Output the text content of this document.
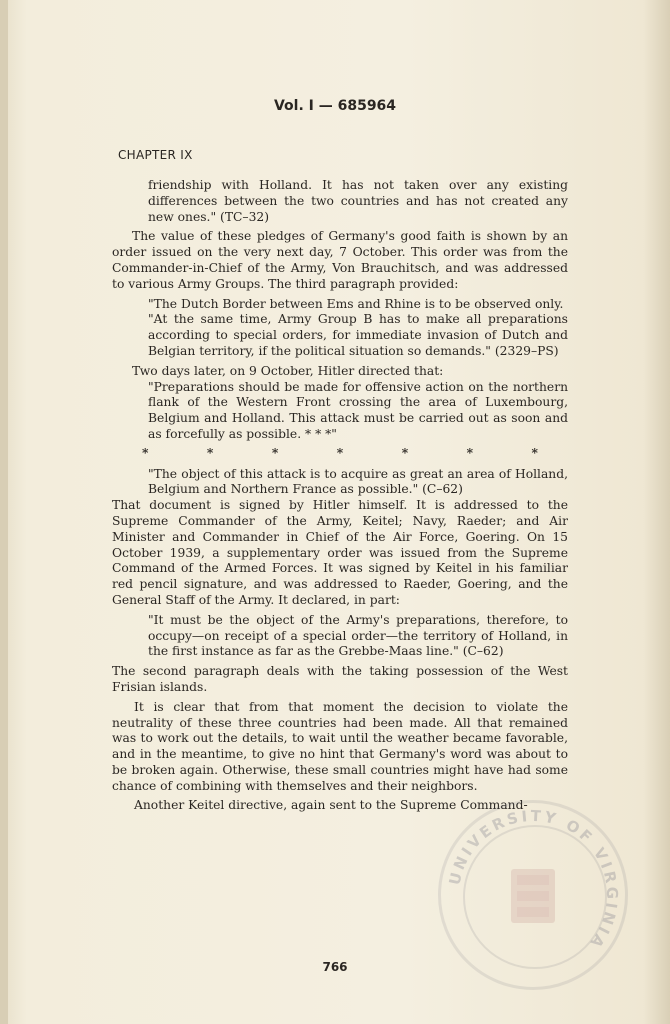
Vol. I — 685964
CHAPTER IX

friendship with Holland. It has not taken over any existing differences between the two countries and has not created any new ones." (TC–32)

The value of these pledges of Germany's good faith is shown by an order issued on the very next day, 7 October. This order was from the Commander-in-Chief of the Army, Von Brauchitsch, and was addressed to various Army Groups. The third paragraph provided:

"The Dutch Border between Ems and Rhine is to be observed only.

"At the same time, Army Group B has to make all preparations according to special orders, for immediate invasion of Dutch and Belgian territory, if the political situation so demands." (2329–PS)

Two days later, on 9 October, Hitler directed that:

"Preparations should be made for offensive action on the northern flank of the Western Front crossing the area of Luxembourg, Belgium and Holland. This attack must be carried out as soon and as forcefully as possible. * * *"

*	*	*	*	*	*	*

"The object of this attack is to acquire as great an area of Holland, Belgium and Northern France as possible." (C–62)

That document is signed by Hitler himself. It is addressed to the Supreme Commander of the Army, Keitel; Navy, Raeder; and Air Minister and Commander in Chief of the Air Force, Goering. On 15 October 1939, a supplementary order was issued from the Supreme Command of the Armed Forces. It was signed by Keitel in his familiar red pencil signature, and was addressed to Raeder, Goering, and the General Staff of the Army. It declared, in part:

"It must be the object of the Army's preparations, therefore, to occupy—on receipt of a special order—the territory of Holland, in the first instance as far as the Grebbe-Maas line." (C–62)

The second paragraph deals with the taking possession of the West Frisian islands.

It is clear that from that moment the decision to violate the neutrality of these three countries had been made. All that remained was to work out the details, to wait until the weather became favorable, and in the meantime, to give no hint that Germany's word was about to be broken again. Otherwise, these small countries might have had some chance of combining with themselves and their neighbors.

Another Keitel directive, again sent to the Supreme Command-

766
UNIVERSITY OF VIRGINIA
